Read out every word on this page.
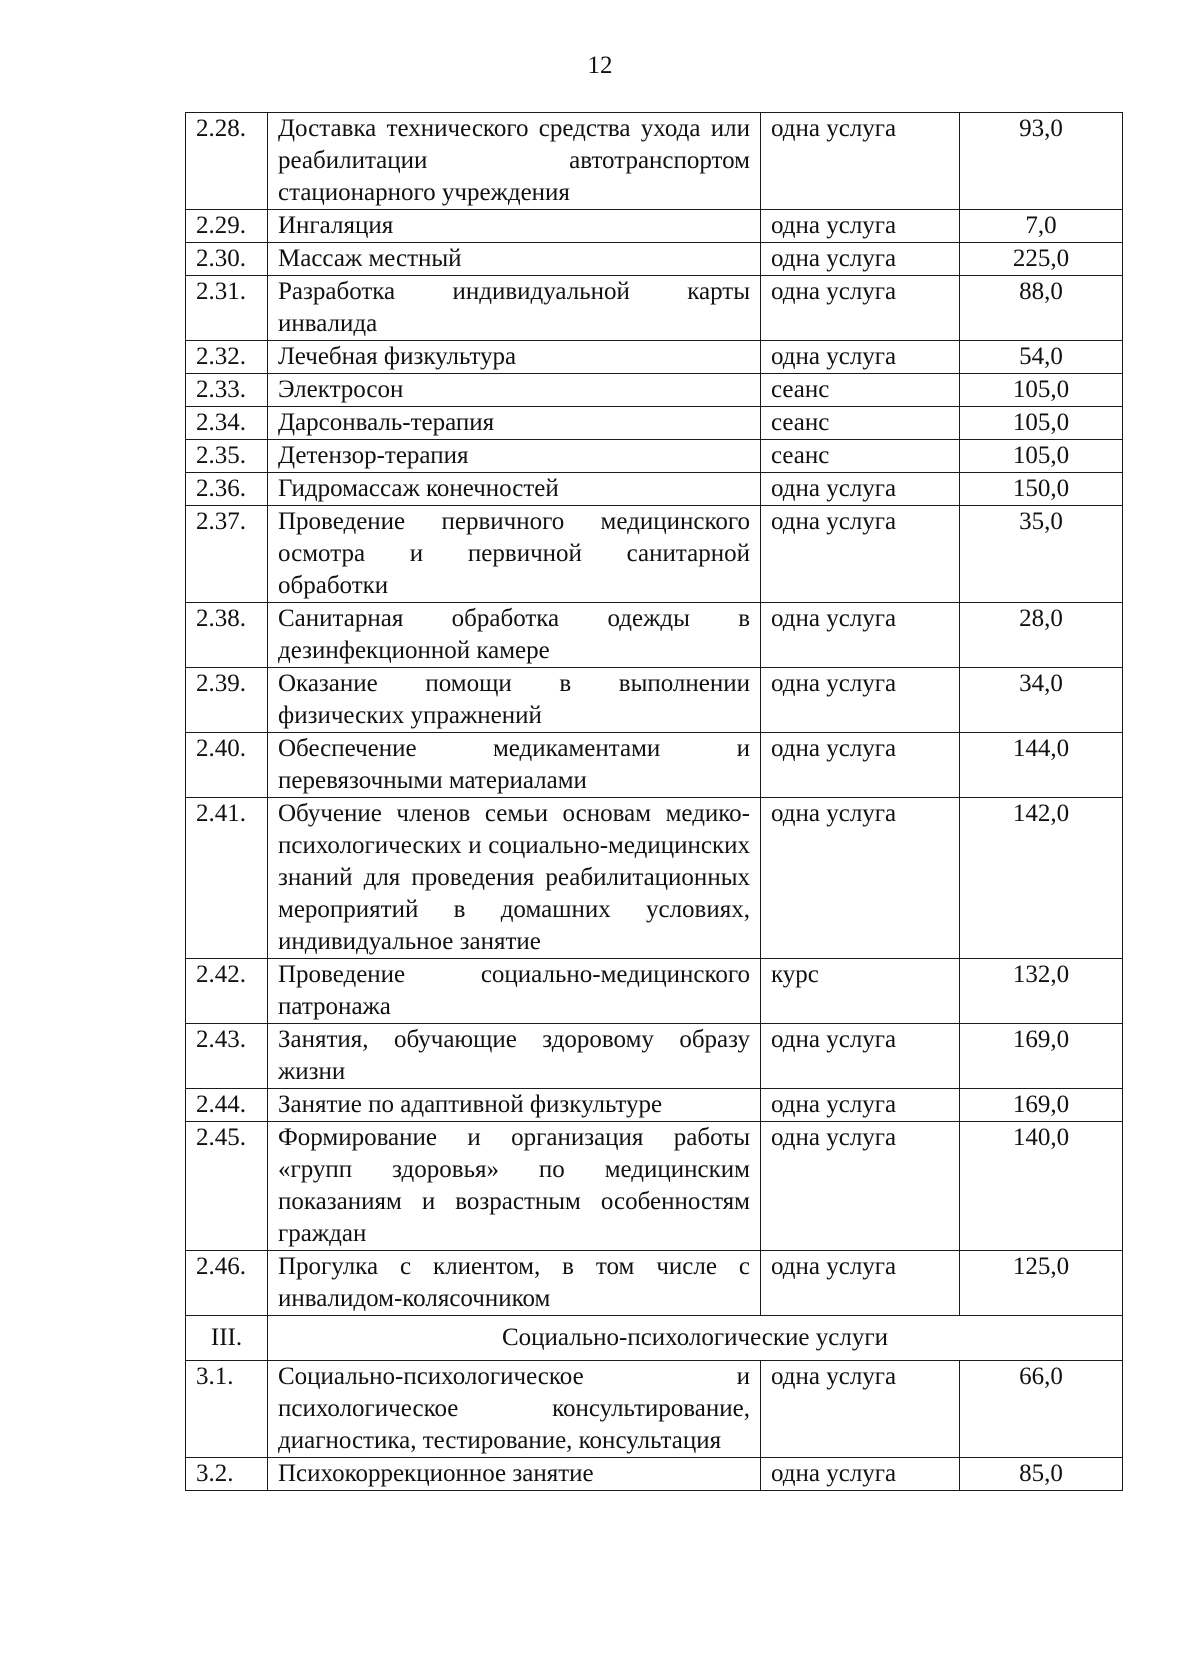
12
2.28.	Доставка технического средства ухода или реабилитации автотранспортом стационарного учреждения	одна услуга	93,0
2.29.	Ингаляция	одна услуга	7,0
2.30.	Массаж местный	одна услуга	225,0
2.31.	Разработка индивидуальной карты инвалида	одна услуга	88,0
2.32.	Лечебная физкультура	одна услуга	54,0
2.33.	Электросон	сеанс	105,0
2.34.	Дарсонваль-терапия	сеанс	105,0
2.35.	Детензор-терапия	сеанс	105,0
2.36.	Гидромассаж конечностей	одна услуга	150,0
2.37.	Проведение первичного медицинского осмотра и первичной санитарной обработки	одна услуга	35,0
2.38.	Санитарная обработка одежды в дезинфекционной камере	одна услуга	28,0
2.39.	Оказание помощи в выполнении физических упражнений	одна услуга	34,0
2.40.	Обеспечение медикаментами и перевязочными материалами	одна услуга	144,0
2.41.	Обучение членов семьи основам медико-психологических и социально-медицинских знаний для проведения реабилитационных мероприятий в домашних условиях, индивидуальное занятие	одна услуга	142,0
2.42.	Проведение социально-медицинского патронажа	курс	132,0
2.43.	Занятия, обучающие здоровому образу жизни	одна услуга	169,0
2.44.	Занятие по адаптивной физкультуре	одна услуга	169,0
2.45.	Формирование и организация работы «групп здоровья» по медицинским показаниям и возрастным особенностям граждан	одна услуга	140,0
2.46.	Прогулка с клиентом, в том числе с инвалидом-колясочником	одна услуга	125,0
III.	Социально-психологические услуги		
3.1.	Социально-психологическое и психологическое консультирование, диагностика, тестирование, консультация	одна услуга	66,0
3.2.	Психокоррекционное занятие	одна услуга	85,0
